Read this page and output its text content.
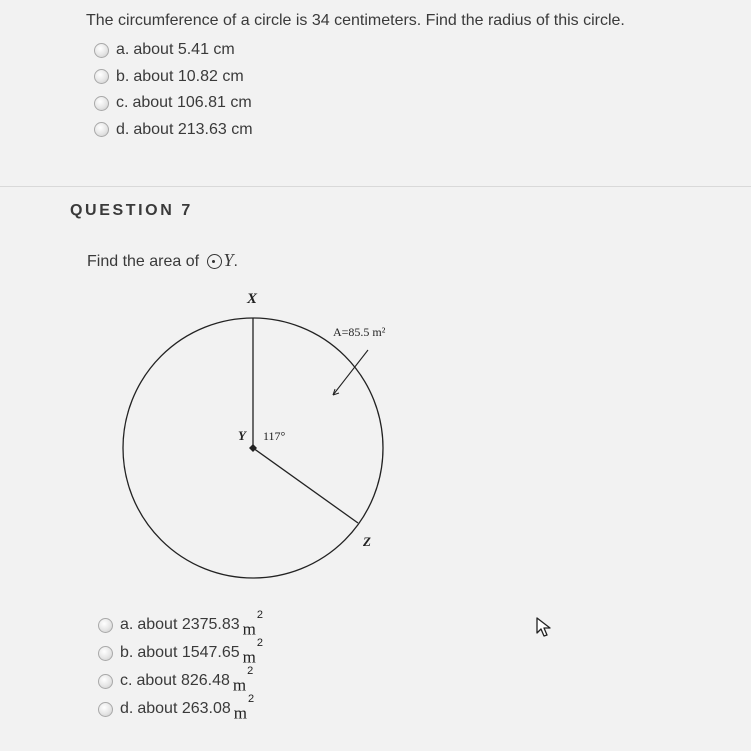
The circumference of a circle is 34 centimeters. Find the radius of this circle.
a. about 5.41 cm
b. about 10.82 cm
c. about 106.81 cm
d. about 213.63 cm
QUESTION 7
Find the area of Y.
X
Y
Z
117°
A=85.5 m²
a. about 2375.83 $m^2$
b. about 1547.65 $m^2$
c. about 826.48 $m^2$
d. about 263.08 $m^2$
